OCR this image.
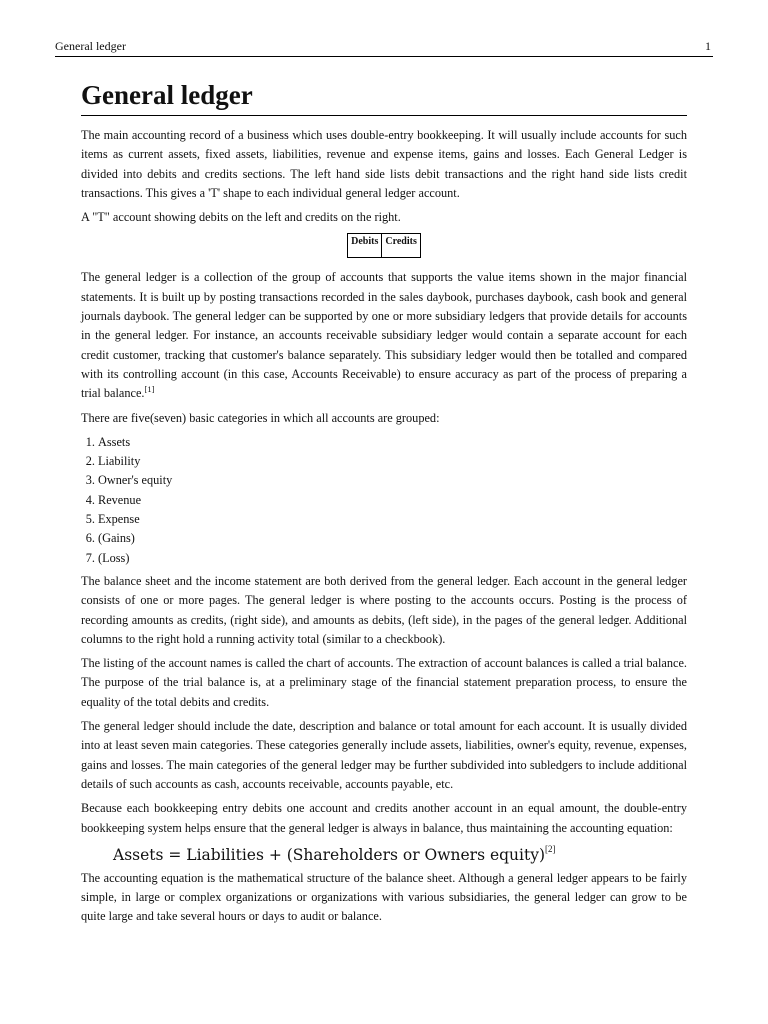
General ledger	1
General ledger

The main accounting record of a business which uses double-entry bookkeeping. It will usually include accounts for such items as current assets, fixed assets, liabilities, revenue and expense items, gains and losses. Each General Ledger is divided into debits and credits sections. The left hand side lists debit transactions and the right hand side lists credit transactions. This gives a 'T' shape to each individual general ledger account.

A "T" account showing debits on the left and credits on the right.

Debits	Credits

The general ledger is a collection of the group of accounts that supports the value items shown in the major financial statements. It is built up by posting transactions recorded in the sales daybook, purchases daybook, cash book and general journals daybook. The general ledger can be supported by one or more subsidiary ledgers that provide details for accounts in the general ledger. For instance, an accounts receivable subsidiary ledger would contain a separate account for each credit customer, tracking that customer's balance separately. This subsidiary ledger would then be totalled and compared with its controlling account (in this case, Accounts Receivable) to ensure accuracy as part of the process of preparing a trial balance.[1]

There are five(seven) basic categories in which all accounts are grouped:

1. Assets
2. Liability
3. Owner's equity
4. Revenue
5. Expense
6. (Gains)
7. (Loss)

The balance sheet and the income statement are both derived from the general ledger. Each account in the general ledger consists of one or more pages. The general ledger is where posting to the accounts occurs. Posting is the process of recording amounts as credits, (right side), and amounts as debits, (left side), in the pages of the general ledger. Additional columns to the right hold a running activity total (similar to a checkbook).

The listing of the account names is called the chart of accounts. The extraction of account balances is called a trial balance. The purpose of the trial balance is, at a preliminary stage of the financial statement preparation process, to ensure the equality of the total debits and credits.

The general ledger should include the date, description and balance or total amount for each account. It is usually divided into at least seven main categories. These categories generally include assets, liabilities, owner's equity, revenue, expenses, gains and losses. The main categories of the general ledger may be further subdivided into subledgers to include additional details of such accounts as cash, accounts receivable, accounts payable, etc.

Because each bookkeeping entry debits one account and credits another account in an equal amount, the double-entry bookkeeping system helps ensure that the general ledger is always in balance, thus maintaining the accounting equation:

Assets = Liabilities + (Shareholders or Owners equity)[2]

The accounting equation is the mathematical structure of the balance sheet. Although a general ledger appears to be fairly simple, in large or complex organizations or organizations with various subsidiaries, the general ledger can grow to be quite large and take several hours or days to audit or balance.
